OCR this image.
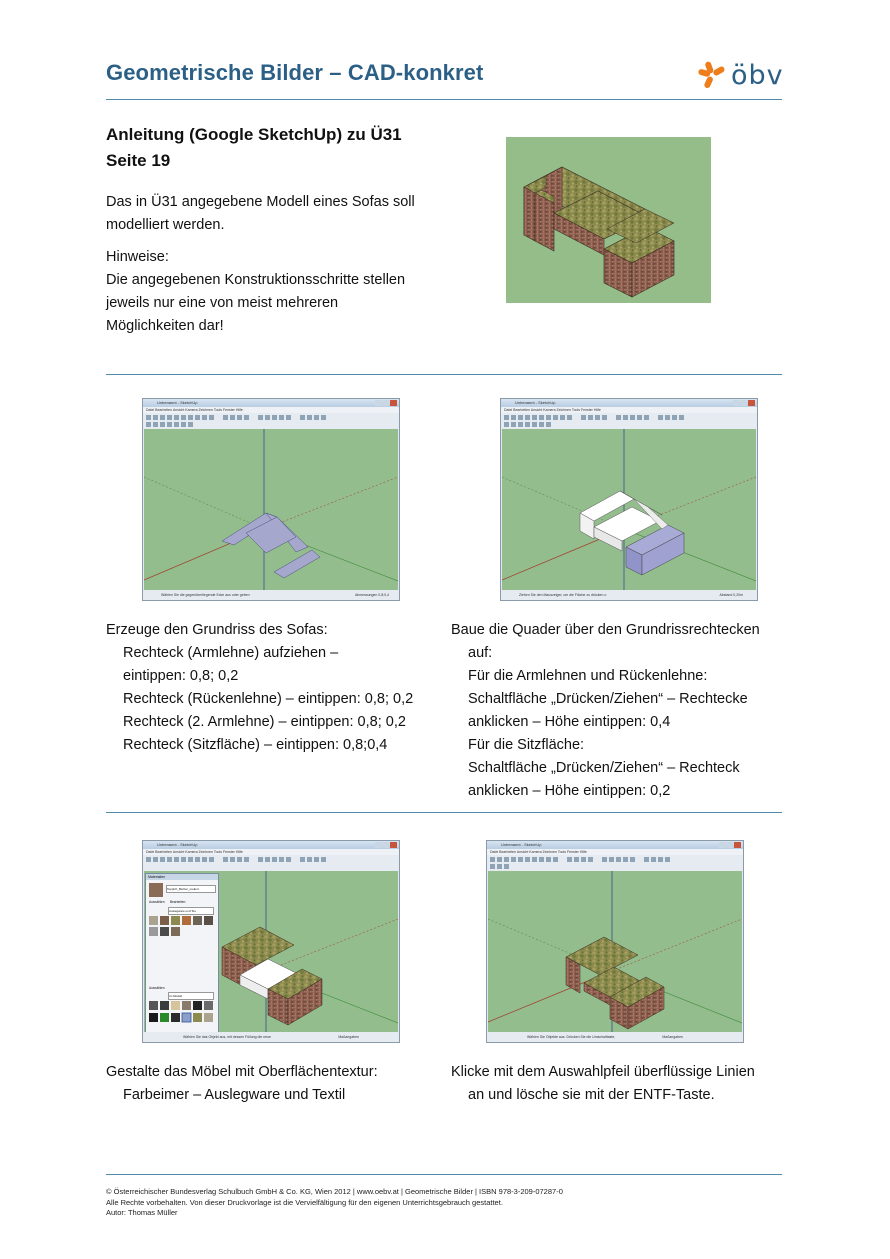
Geometrische Bilder – CAD-konkret	öbv
Anleitung (Google SketchUp) zu Ü31
Seite 19
Das in Ü31 angegebene Modell eines Sofas soll
modelliert werden.
Hinweise:
Die angegebenen Konstruktionsschritte stellen
jeweils nur eine von meist mehreren
Möglichkeiten dar!
Unbenannt - SketchUp
Datei Bearbeiten Ansicht Kamera Zeichnen Tools Fenster Hilfe
Wählen Sie die gegenüberliegende Ecke aus oder geben	Abmessungen 0,8;0,4
Unbenannt - SketchUp
Datei Bearbeiten Ansicht Kamera Zeichnen Tools Fenster Hilfe
Ziehen Sie den Mauszeiger, um die Fläche zu drücken o	Abstand 0,20m
Erzeuge den Grundriss des Sofas:
Rechteck (Armlehne) aufziehen –
eintippen: 0,8; 0,2
Rechteck (Rückenlehne) – eintippen: 0,8; 0,2
Rechteck (2. Armlehne) – eintippen: 0,8; 0,2
Rechteck (Sitzfläche) – eintippen: 0,8;0,4
Baue die Quader über den Grundrissrechtecken
auf:
Für die Armlehnen und Rückenlehne:
Schaltfläche „Drücken/Ziehen“ – Rechtecke
anklicken – Höhe eintippen: 0,4
Für die Sitzfläche:
Schaltfläche „Drücken/Ziehen“ – Rechteck
anklicken – Höhe eintippen: 0,2
Unbenannt - SketchUp
Datei Bearbeiten Ansicht Kamera Zeichnen Tools Fenster Hilfe
Materialien
Teppich_Berber_meliert
Auswählen Bearbeiten
Auslegware und Tex
Auswählen
Im Modell
Wählen Sie das Objekt aus, mit dessen Füllung die neue	Maßangaben
Unbenannt - SketchUp
Datei Bearbeiten Ansicht Kamera Zeichnen Tools Fenster Hilfe
Wählen Sie Objekte aus. Drücken Sie die Umschalttaste,	Maßangaben
Gestalte das Möbel mit Oberflächentextur:
Farbeimer – Auslegware und Textil
Klicke mit dem Auswahlpfeil überflüssige Linien
an und lösche sie mit der ENTF-Taste.
© Österreichischer Bundesverlag Schulbuch GmbH & Co. KG, Wien 2012 | www.oebv.at | Geometrische Bilder | ISBN 978-3-209-07287-0
Alle Rechte vorbehalten. Von dieser Druckvorlage ist die Vervielfältigung für den eigenen Unterrichtsgebrauch gestattet.
Autor: Thomas Müller
